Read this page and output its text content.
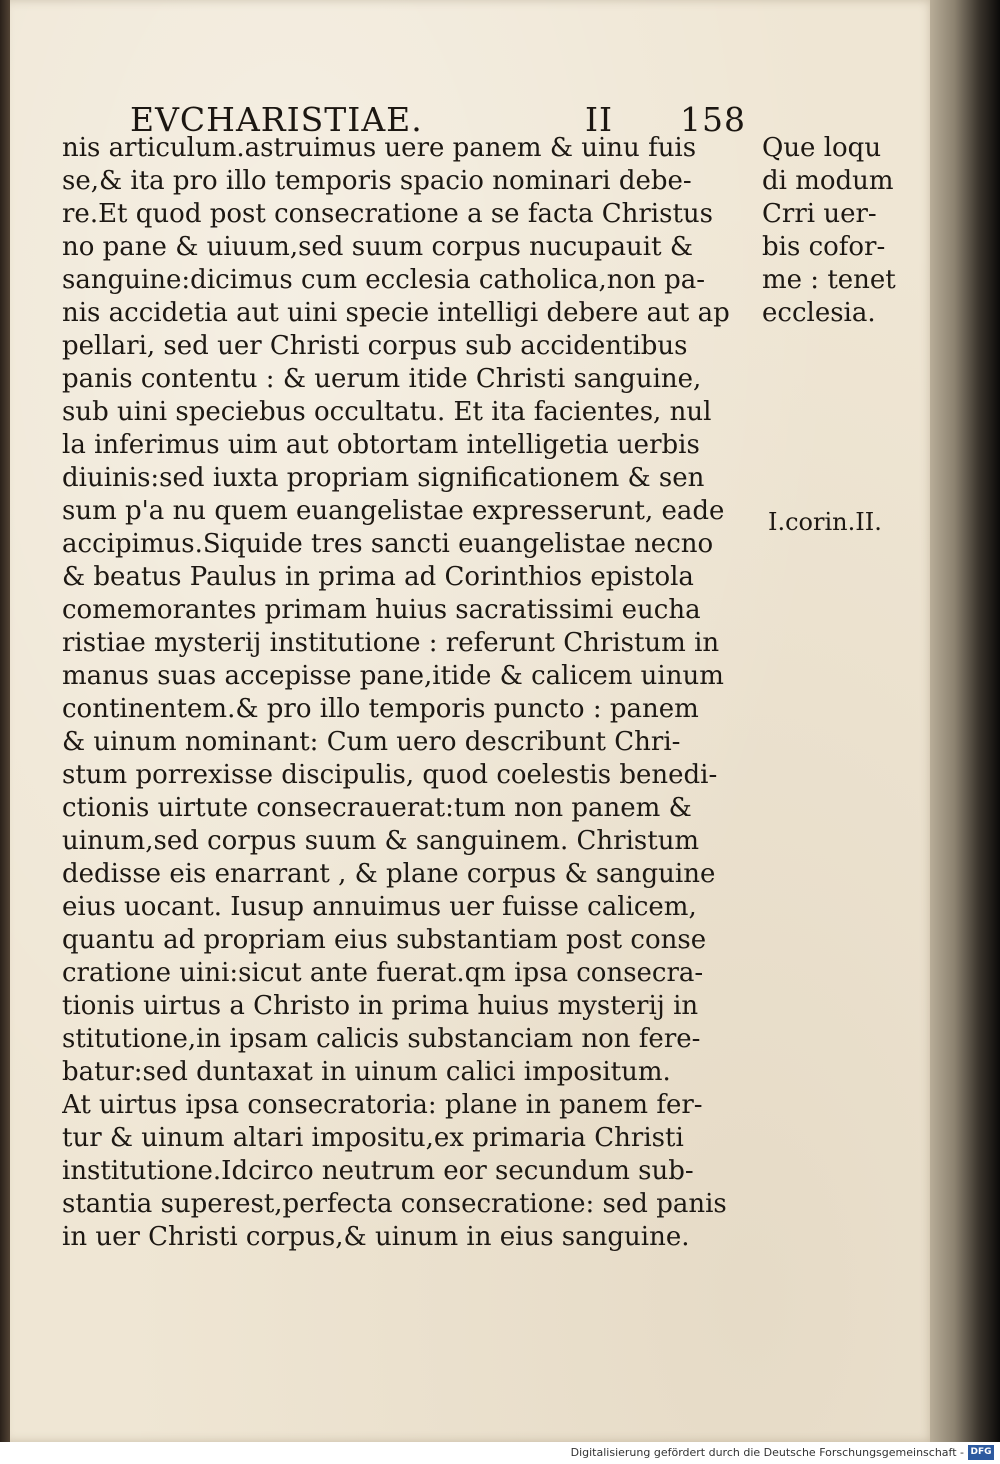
EVCHARISTIAE.	II 158
nis articulum.astruimus uere panem & uinu fuis
se,& ita pro illo temporis spacio nominari debe-
re.Et quod post consecratione a se facta Christus
no pane & uiuum,sed suum corpus nucupauit &
sanguine:dicimus cum ecclesia catholica,non pa-
nis accidetia aut uini specie intelligi debere aut ap
pellari, sed uer Christi corpus sub accidentibus
panis contentu : & uerum itide Christi sanguine,
sub uini speciebus occultatu. Et ita facientes, nul
la inferimus uim aut obtortam intelligetia uerbis
diuinis:sed iuxta propriam significationem & sen
sum p'a nu quem euangelistae expresserunt, eade
accipimus.Siquide tres sancti euangelistae necno
& beatus Paulus in prima ad Corinthios epistola
comemorantes primam huius sacratissimi eucha
ristiae mysterij institutione : referunt Christum in
manus suas accepisse pane,itide & calicem uinum
continentem.& pro illo temporis puncto : panem
& uinum nominant: Cum uero describunt Chri-
stum porrexisse discipulis, quod coelestis benedi-
ctionis uirtute consecrauerat:tum non panem &
uinum,sed corpus suum & sanguinem. Christum
dedisse eis enarrant , & plane corpus & sanguine
eius uocant. Iusup annuimus uer fuisse calicem,
quantu ad propriam eius substantiam post conse
cratione uini:sicut ante fuerat.qm ipsa consecra-
tionis uirtus a Christo in prima huius mysterij in
stitutione,in ipsam calicis substanciam non fere-
batur:sed duntaxat in uinum calici impositum.
At uirtus ipsa consecratoria: plane in panem fer-
tur & uinum altari impositu,ex primaria Christi
institutione.Idcirco neutrum eor secundum sub-
stantia superest,perfecta consecratione: sed panis
in uer Christi corpus,& uinum in eius sanguine.
Que loqu
di modum
Crri uer-
bis cofor-
me : tenet
ecclesia.
I.corin.II.
Digitalisierung gefördert durch die Deutsche Forschungsgemeinschaft - DFG
